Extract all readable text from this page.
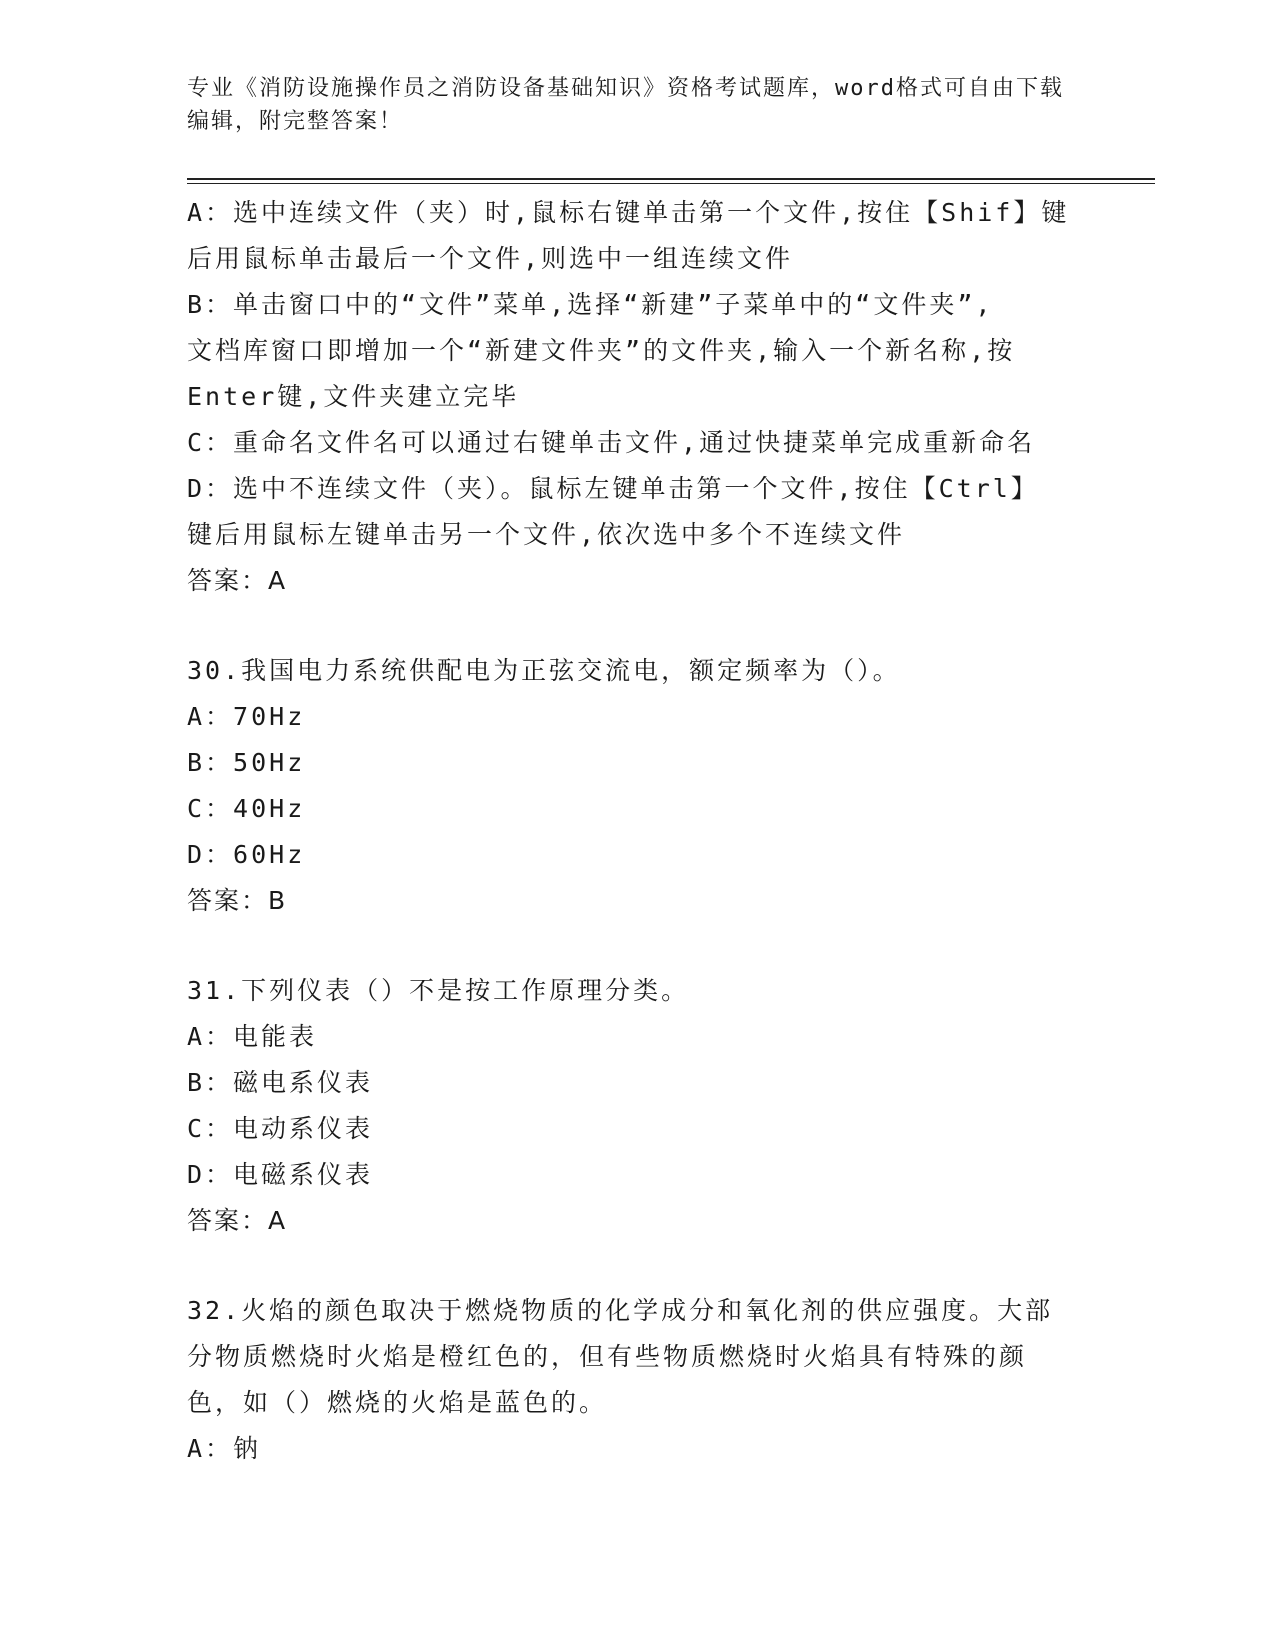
专业《消防设施操作员之消防设备基础知识》资格考试题库，word格式可自由下载编辑，附完整答案！
A：选中连续文件（夹）时,鼠标右键单击第一个文件,按住【Shif】键
后用鼠标单击最后一个文件,则选中一组连续文件
B：单击窗口中的“文件”菜单,选择“新建”子菜单中的“文件夹”,
文档库窗口即增加一个“新建文件夹”的文件夹,输入一个新名称,按
Enter键,文件夹建立完毕
C：重命名文件名可以通过右键单击文件,通过快捷菜单完成重新命名
D：选中不连续文件（夹）。鼠标左键单击第一个文件,按住【Ctrl】
键后用鼠标左键单击另一个文件,依次选中多个不连续文件
答案：A
30.我国电力系统供配电为正弦交流电，额定频率为（）。
A：70Hz
B：50Hz
C：40Hz
D：60Hz
答案：B
31.下列仪表（）不是按工作原理分类。
A：电能表
B：磁电系仪表
C：电动系仪表
D：电磁系仪表
答案：A
32.火焰的颜色取决于燃烧物质的化学成分和氧化剂的供应强度。大部
分物质燃烧时火焰是橙红色的，但有些物质燃烧时火焰具有特殊的颜
色，如（）燃烧的火焰是蓝色的。
A：钠
